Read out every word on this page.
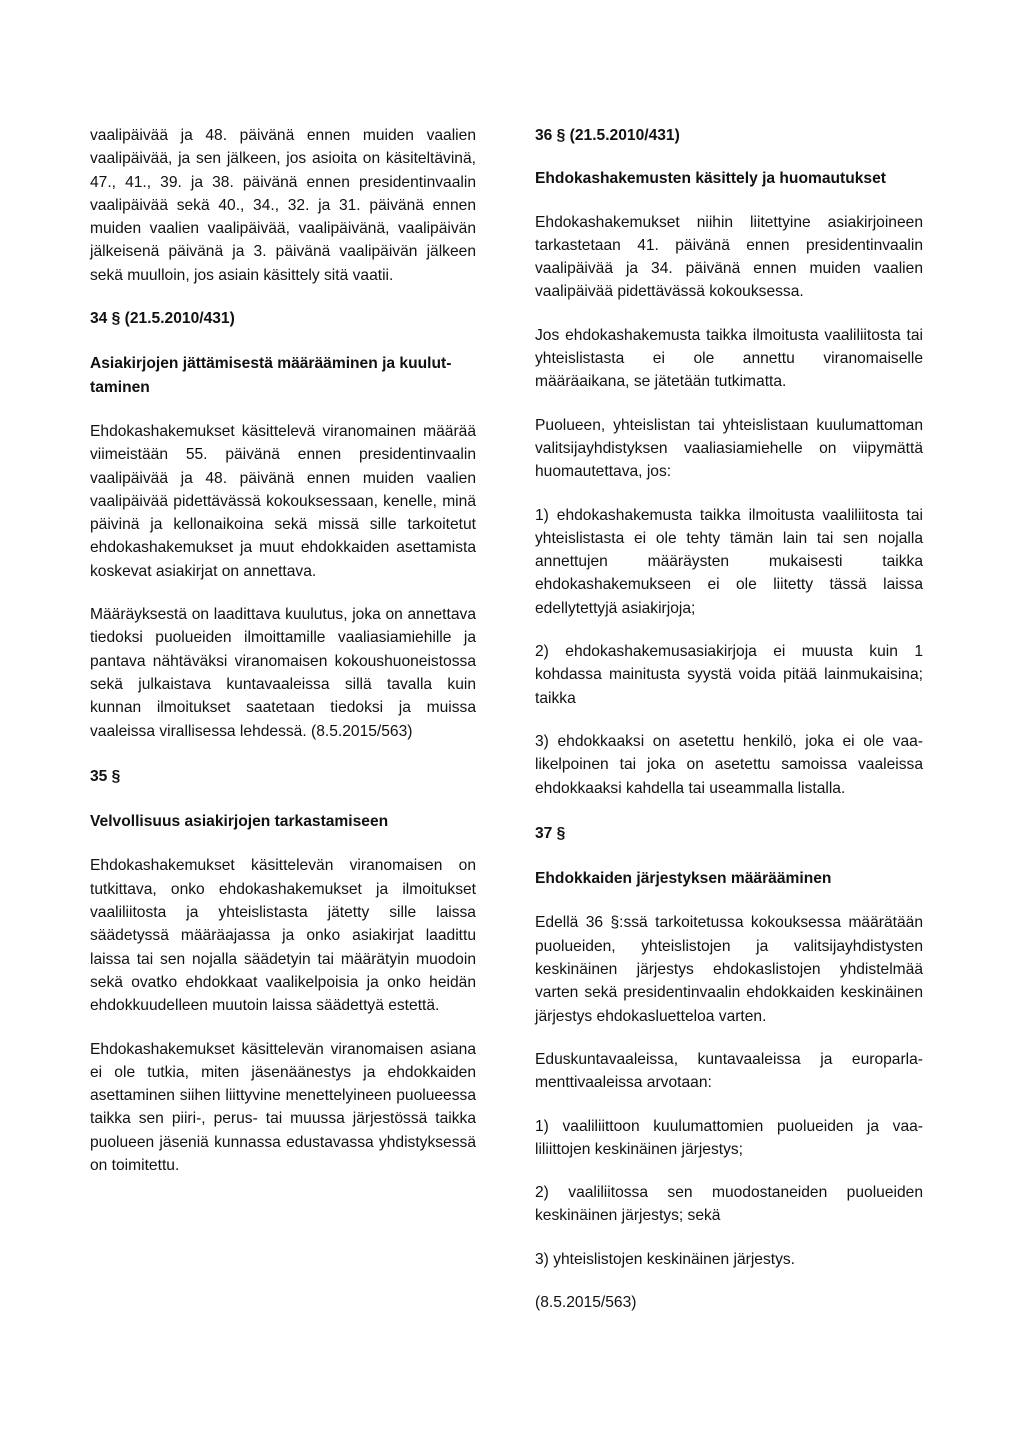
vaalipäivää ja 48. päivänä ennen muiden vaalien vaalipäivää, ja sen jälkeen, jos asioita on käsiteltävinä, 47., 41., 39. ja 38. päivänä ennen presidentinvaalin vaalipäivää sekä 40., 34., 32. ja 31. päivänä ennen muiden vaalien vaalipäivää, vaalipäivänä, vaalipäivän jälkeisenä päivänä ja 3. päivänä vaalipäivän jälkeen sekä muulloin, jos asiain käsittely sitä vaatii.

34 § (21.5.2010/431)
Asiakirjojen jättämisestä määrääminen ja kuuluttaminen

Ehdokashakemukset käsittelevä viranomainen määrää viimeistään 55. päivänä ennen presidentinvaalin vaalipäivää ja 48. päivänä ennen muiden vaalien vaalipäivää pidettävässä kokouksessaan, kenelle, minä päivinä ja kellonaikoina sekä missä sille tarkoitetut ehdokashakemukset ja muut ehdokkaiden asettamista koskevat asiakirjat on annettava.

Määräyksestä on laadittava kuulutus, joka on annettava tiedoksi puolueiden ilmoittamille vaaliasiamiehille ja pantava nähtäväksi viranomaisen kokoushuoneistossa sekä julkaistava kuntavaaleissa sillä tavalla kuin kunnan ilmoitukset saatetaan tiedoksi ja muissa vaaleissa virallisessa lehdessä. (8.5.2015/563)

35 §
Velvollisuus asiakirjojen tarkastamiseen

Ehdokashakemukset käsittelevän viranomaisen on tutkittava, onko ehdokashakemukset ja ilmoitukset vaaliliitosta ja yhteislistasta jätetty sille laissa säädetyssä määräajassa ja onko asiakirjat laadittu laissa tai sen nojalla säädetyin tai määrätyin muodoin sekä ovatko ehdokkaat vaalikelpoisia ja onko heidän ehdokkuudelleen muutoin laissa säädettyä estettä.

Ehdokashakemukset käsittelevän viranomaisen asiana ei ole tutkia, miten jäsenäänestys ja ehdokkaiden asettaminen siihen liittyvine menettelyineen puolueessa taikka sen piiri-, perus- tai muussa järjestössä taikka puolueen jäseniä kunnassa edustavassa yhdistyksessä on toimitettu.

36 § (21.5.2010/431)
Ehdokashakemusten käsittely ja huomautukset

Ehdokashakemukset niihin liitettyine asiakirjoineen tarkastetaan 41. päivänä ennen presidentinvaalin vaalipäivää ja 34. päivänä ennen muiden vaalien vaalipäivää pidettävässä kokouksessa.

Jos ehdokashakemusta taikka ilmoitusta vaaliliitosta tai yhteislistasta ei ole annettu viranomaiselle määräaikana, se jätetään tutkimatta.

Puolueen, yhteislistan tai yhteislistaan kuulumattoman valitsijayhdistyksen vaaliasiamiehelle on viipymättä huomautettava, jos:

1) ehdokashakemusta taikka ilmoitusta vaaliliitosta tai yhteislistasta ei ole tehty tämän lain tai sen nojalla annettujen määräysten mukaisesti taikka ehdokashakemukseen ei ole liitetty tässä laissa edellytettyjä asiakirjoja;

2) ehdokashakemusasiakirjoja ei muusta kuin 1 kohdassa mainitusta syystä voida pitää lainmukaisina; taikka

3) ehdokkaaksi on asetettu henkilö, joka ei ole vaalikelpoinen tai joka on asetettu samoissa vaaleissa ehdokkaaksi kahdella tai useammalla listalla.

37 §
Ehdokkaiden järjestyksen määrääminen

Edellä 36 §:ssä tarkoitetussa kokouksessa määrätään puolueiden, yhteislistojen ja valitsijayhdistysten keskinäinen järjestys ehdokaslistojen yhdistelmää varten sekä presidentinvaalin ehdokkaiden keskinäinen järjestys ehdokasluetteloa varten.

Eduskuntavaaleissa, kuntavaaleissa ja europarlamenttivaaleissa arvotaan:

1) vaaliliittoon kuulumattomien puolueiden ja vaaliliittojen keskinäinen järjestys;

2) vaaliliitossa sen muodostaneiden puolueiden keskinäinen järjestys; sekä

3) yhteislistojen keskinäinen järjestys.

(8.5.2015/563)
